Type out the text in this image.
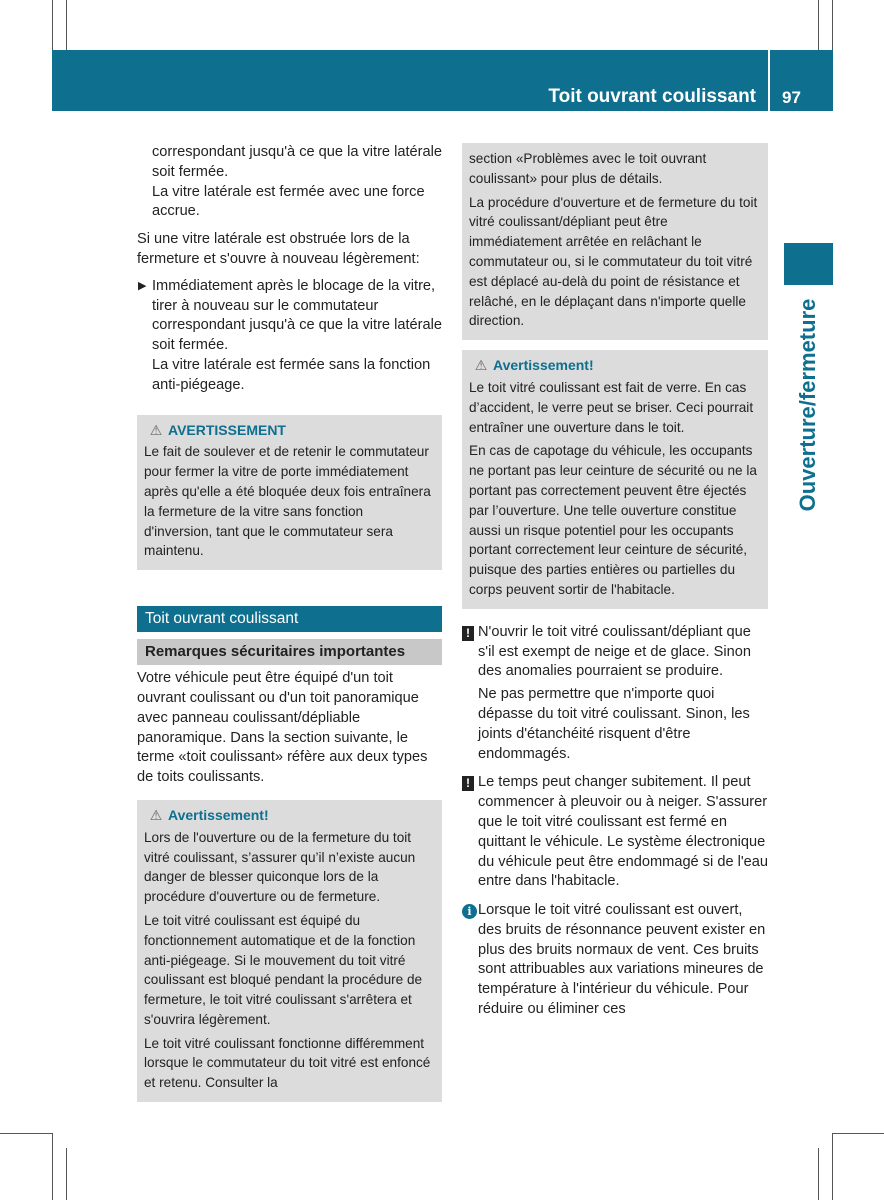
Toit ouvrant coulissant 97
Ouverture/fermeture

correspondant jusqu'à ce que la vitre latérale soit fermée.

La vitre latérale est fermée avec une force accrue.

Si une vitre latérale est obstruée lors de la fermeture et s'ouvre à nouveau légèrement:

▶ Immédiatement après le blocage de la vitre, tirer à nouveau sur le commutateur correspondant jusqu'à ce que la vitre latérale soit fermée.

La vitre latérale est fermée sans la fonction anti-piégeage.

⚠ AVERTISSEMENT

Le fait de soulever et de retenir le commutateur pour fermer la vitre de porte immédiatement après qu'elle a été bloquée deux fois entraînera la fermeture de la vitre sans fonction d'inversion, tant que le commutateur sera maintenu.

Toit ouvrant coulissant
Remarques sécuritaires importantes

Votre véhicule peut être équipé d'un toit ouvrant coulissant ou d'un toit panoramique avec panneau coulissant/dépliable panoramique. Dans la section suivante, le terme «toit coulissant» réfère aux deux types de toits coulissants.

⚠ Avertissement!

Lors de l'ouverture ou de la fermeture du toit vitré coulissant, s’assurer qu’il n’existe aucun danger de blesser quiconque lors de la procédure d'ouverture ou de fermeture.

Le toit vitré coulissant est équipé du fonctionnement automatique et de la fonction anti-piégeage. Si le mouvement du toit vitré coulissant est bloqué pendant la procédure de fermeture, le toit vitré coulissant s'arrêtera et s'ouvrira légèrement.

Le toit vitré coulissant fonctionne différemment lorsque le commutateur du toit vitré est enfoncé et retenu. Consulter la

section «Problèmes avec le toit ouvrant coulissant» pour plus de détails.

La procédure d'ouverture et de fermeture du toit vitré coulissant/dépliant peut être immédiatement arrêtée en relâchant le commutateur ou, si le commutateur du toit vitré est déplacé au-delà du point de résistance et relâché, en le déplaçant dans n'importe quelle direction.

⚠ Avertissement!

Le toit vitré coulissant est fait de verre. En cas d’accident, le verre peut se briser. Ceci pourrait entraîner une ouverture dans le toit.

En cas de capotage du véhicule, les occupants ne portant pas leur ceinture de sécurité ou ne la portant pas correctement peuvent être éjectés par l’ouverture. Une telle ouverture constitue aussi un risque potentiel pour les occupants portant correctement leur ceinture de sécurité, puisque des parties entières ou partielles du corps peuvent sortir de l'habitacle.

! N'ouvrir le toit vitré coulissant/dépliant que s'il est exempt de neige et de glace. Sinon des anomalies pourraient se produire.

Ne pas permettre que n'importe quoi dépasse du toit vitré coulissant. Sinon, les joints d'étanchéité risquent d'être endommagés.

! Le temps peut changer subitement. Il peut commencer à pleuvoir ou à neiger. S'assurer que le toit vitré coulissant est fermé en quittant le véhicule. Le système électronique du véhicule peut être endommagé si de l'eau entre dans l'habitacle.

i Lorsque le toit vitré coulissant est ouvert, des bruits de résonnance peuvent exister en plus des bruits normaux de vent. Ces bruits sont attribuables aux variations mineures de température à l'intérieur du véhicule. Pour réduire ou éliminer ces
